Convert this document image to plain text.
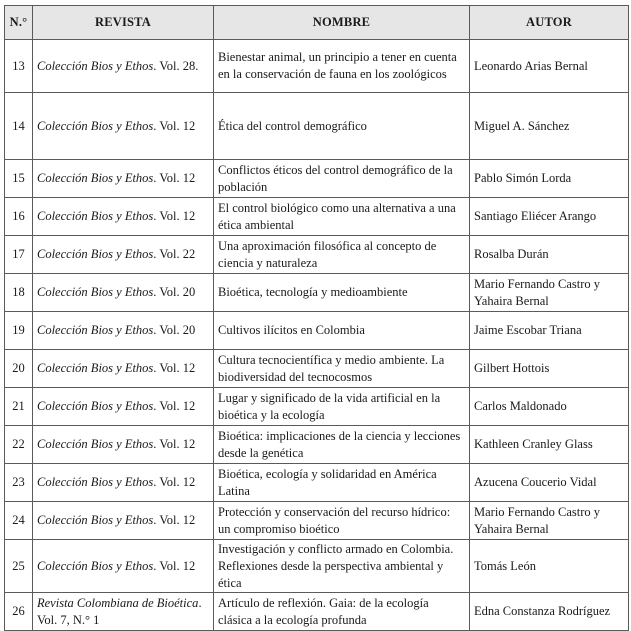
N.°	REVISTA	NOMBRE	AUTOR
13	Colección Bios y Ethos. Vol. 28.	Bienestar animal, un principio a tener en cuenta en la conservación de fauna en los zoológicos	Leonardo Arias Bernal
14	Colección Bios y Ethos. Vol. 12	Ética del control demográfico	Miguel A. Sánchez
15	Colección Bios y Ethos. Vol. 12	Conflictos éticos del control demográfico de la población	Pablo Simón Lorda
16	Colección Bios y Ethos. Vol. 12	El control biológico como una alternativa a una ética ambiental	Santiago Eliécer Arango
17	Colección Bios y Ethos. Vol. 22	Una aproximación filosófica al concepto de ciencia y naturaleza	Rosalba Durán
18	Colección Bios y Ethos. Vol. 20	Bioética, tecnología y medioambiente	Mario Fernando Castro y Yahaira Bernal
19	Colección Bios y Ethos. Vol. 20	Cultivos ilícitos en Colombia	Jaime Escobar Triana
20	Colección Bios y Ethos. Vol. 12	Cultura tecnocientífica y medio ambiente. La biodiversidad del tecnocosmos	Gilbert Hottois
21	Colección Bios y Ethos. Vol. 12	Lugar y significado de la vida artificial en la bioética y la ecología	Carlos Maldonado
22	Colección Bios y Ethos. Vol. 12	Bioética: implicaciones de la ciencia y lecciones desde la genética	Kathleen Cranley Glass
23	Colección Bios y Ethos. Vol. 12	Bioética, ecología y solidaridad en América Latina	Azucena Coucerio Vidal
24	Colección Bios y Ethos. Vol. 12	Protección y conservación del recurso hídrico: un compromiso bioético	Mario Fernando Castro y Yahaira Bernal
25	Colección Bios y Ethos. Vol. 12	Investigación y conflicto armado en Colombia. Reflexiones desde la perspectiva ambiental y ética	Tomás León
26	Revista Colombiana de Bioética. Vol. 7, N.° 1	Artículo de reflexión. Gaia: de la ecología clásica a la ecología profunda	Edna Constanza Rodríguez
